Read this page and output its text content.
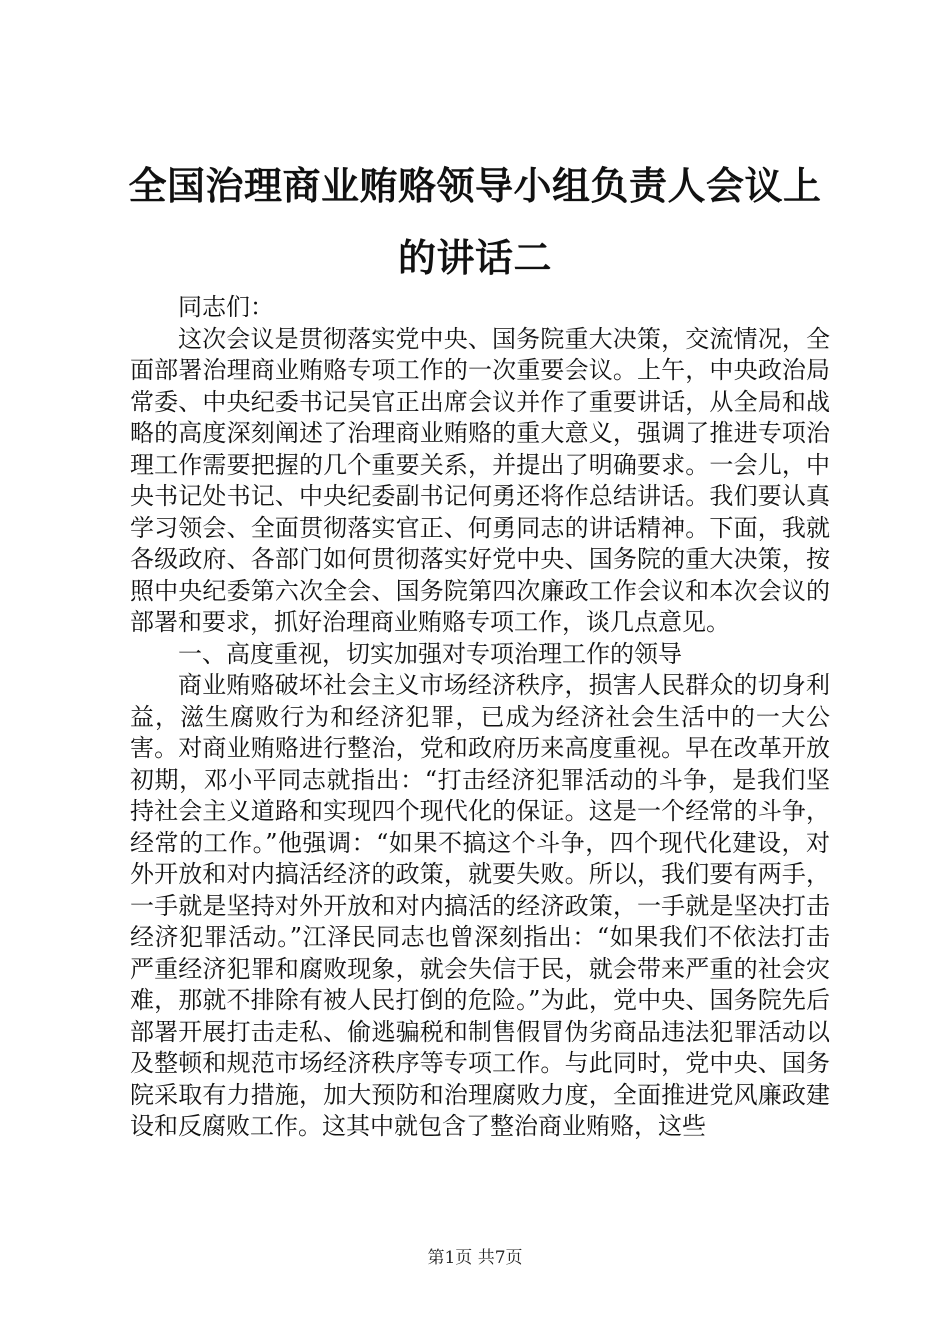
全国治理商业贿赂领导小组负责人会议上的讲话二

同志们：

这次会议是贯彻落实党中央、国务院重大决策，交流情况，全面部署治理商业贿赂专项工作的一次重要会议。上午，中央政治局常委、中央纪委书记吴官正出席会议并作了重要讲话，从全局和战略的高度深刻阐述了治理商业贿赂的重大意义，强调了推进专项治理工作需要把握的几个重要关系，并提出了明确要求。一会儿，中央书记处书记、中央纪委副书记何勇还将作总结讲话。我们要认真学习领会、全面贯彻落实官正、何勇同志的讲话精神。下面，我就各级政府、各部门如何贯彻落实好党中央、国务院的重大决策，按照中央纪委第六次全会、国务院第四次廉政工作会议和本次会议的部署和要求，抓好治理商业贿赂专项工作，谈几点意见。

一、高度重视，切实加强对专项治理工作的领导

商业贿赂破坏社会主义市场经济秩序，损害人民群众的切身利益，滋生腐败行为和经济犯罪，已成为经济社会生活中的一大公害。对商业贿赂进行整治，党和政府历来高度重视。早在改革开放初期，邓小平同志就指出：“打击经济犯罪活动的斗争，是我们坚持社会主义道路和实现四个现代化的保证。这是一个经常的斗争，经常的工作。”他强调：“如果不搞这个斗争，四个现代化建设，对外开放和对内搞活经济的政策，就要失败。所以，我们要有两手，一手就是坚持对外开放和对内搞活的经济政策，一手就是坚决打击经济犯罪活动。”江泽民同志也曾深刻指出：“如果我们不依法打击严重经济犯罪和腐败现象，就会失信于民，就会带来严重的社会灾难，那就不排除有被人民打倒的危险。”为此，党中央、国务院先后部署开展打击走私、偷逃骗税和制售假冒伪劣商品违法犯罪活动以及整顿和规范市场经济秩序等专项工作。与此同时，党中央、国务院采取有力措施，加大预防和治理腐败力度，全面推进党风廉政建设和反腐败工作。这其中就包含了整治商业贿赂，这些

第1页 共7页
